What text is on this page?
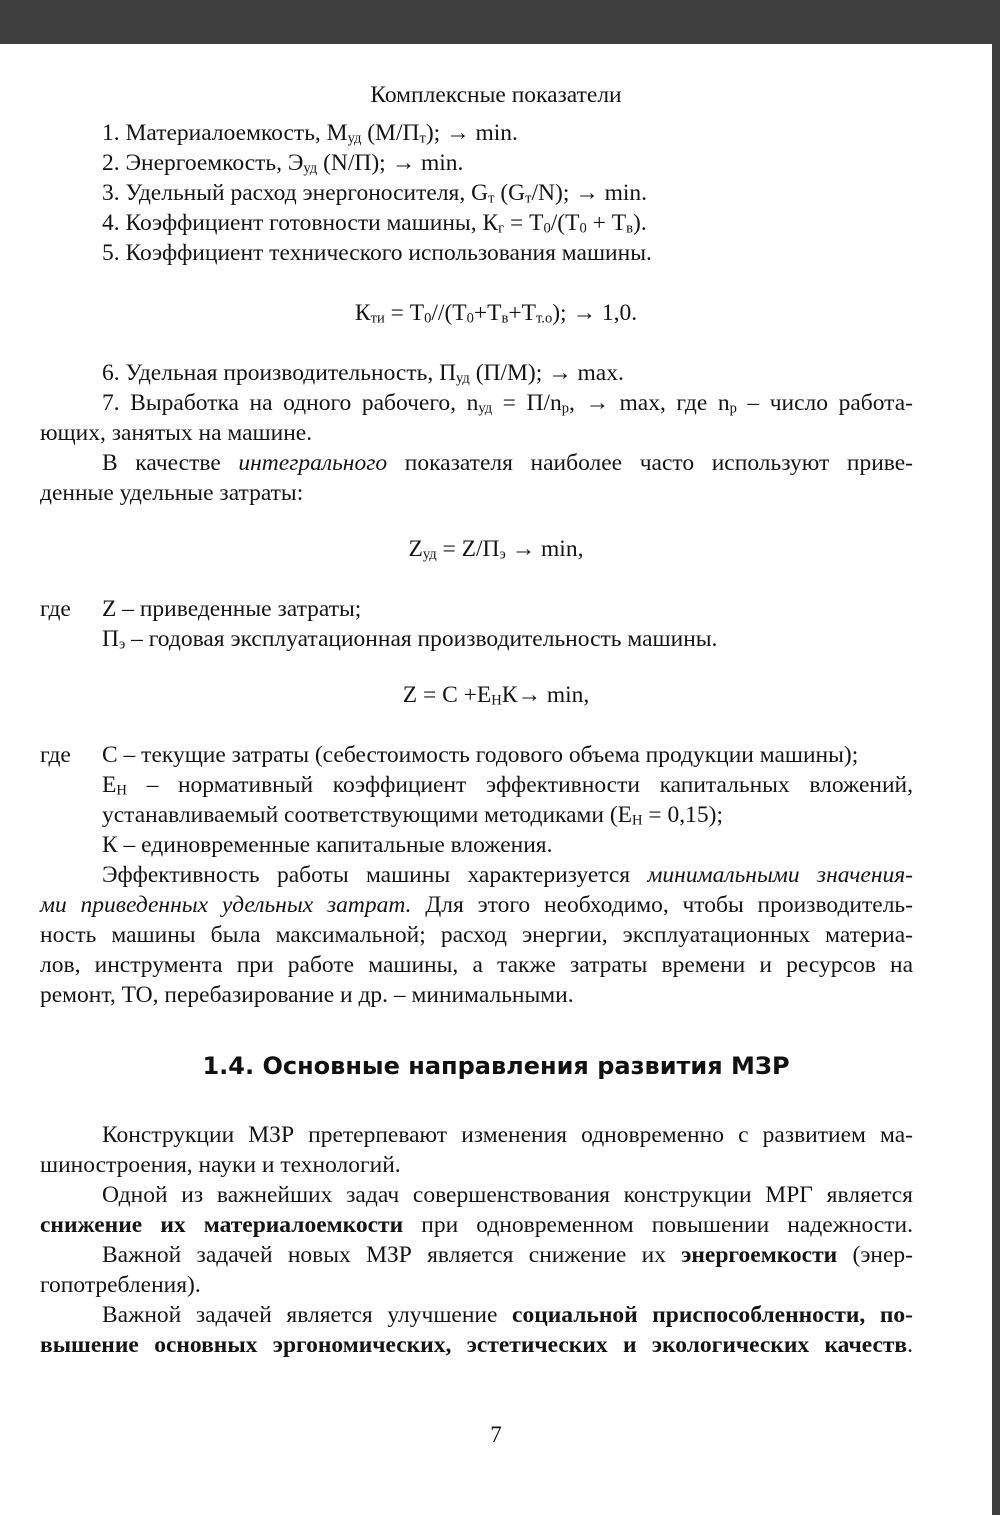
Комплексные показатели
1. Материалоемкость, $М_{уд}$ $(М/П_т)$; → min.
2. Энергоемкость, $Э_{уд}$ (N/П); → min.
3. Удельный расход энергоносителя, $G_т$ $(G_т/N)$; → min.
4. Коэффициент готовности машины, $К_г = Т_0/(Т_0 + Т_в)$.
5. Коэффициент технического использования машины.
$К_{ти} = Т_0//(Т_0+Т_в+Т_{т.о})$; → 1,0.
6. Удельная производительность, $П_{уд}$ (П/М); → max.
7. Выработка на одного рабочего, $n_{уд} = П/n_р$, → max, где $n_р$ – число работа-
ющих, занятых на машине.
В качестве интегрального показателя наиболее часто используют приве-
денные удельные затраты:
$Z_{уд} = Z/П_э \to \min$,
где Z – приведенные затраты;
$П_э$ – годовая эксплуатационная производительность машины.
$Z = С +Е_НК\to \min$,
где С – текущие затраты (себестоимость годового объема продукции машины);
$Е_Н$ – нормативный коэффициент эффективности капитальных вложений,
устанавливаемый соответствующими методиками $(Е_Н = 0,15)$;
К – единовременные капитальные вложения.
Эффективность работы машины характеризуется минимальными значения-
ми приведенных удельных затрат. Для этого необходимо, чтобы производитель-
ность машины была максимальной; расход энергии, эксплуатационных материа-
лов, инструмента при работе машины, а также затраты времени и ресурсов на
ремонт, ТО, перебазирование и др. – минимальными.
1.4. Основные направления развития МЗР
Конструкции МЗР претерпевают изменения одновременно с развитием ма-
шиностроения, науки и технологий.
Одной из важнейших задач совершенствования конструкции МРГ является
снижение их материалоемкости при одновременном повышении надежности.
Важной задачей новых МЗР является снижение их энергоемкости (энер-
гопотребления).
Важной задачей является улучшение социальной приспособленности, по-
вышение основных эргономических, эстетических и экологических качеств.
7
